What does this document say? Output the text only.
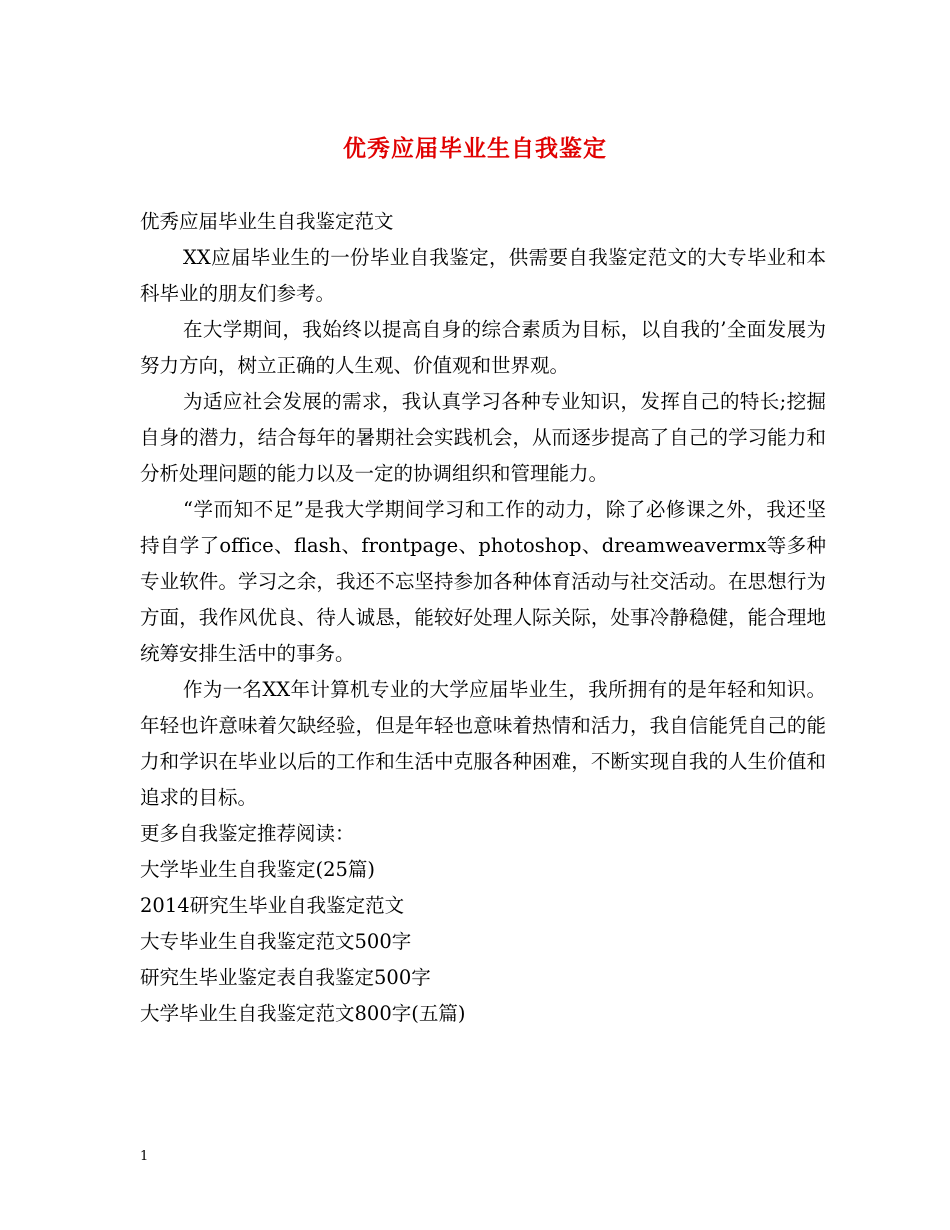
优秀应届毕业生自我鉴定

优秀应届毕业生自我鉴定范文

XX应届毕业生的一份毕业自我鉴定，供需要自我鉴定范文的大专毕业和本科毕业的朋友们参考。

在大学期间，我始终以提高自身的综合素质为目标，以自我的’全面发展为努力方向，树立正确的人生观、价值观和世界观。

为适应社会发展的需求，我认真学习各种专业知识，发挥自己的特长;挖掘自身的潜力，结合每年的暑期社会实践机会，从而逐步提高了自己的学习能力和分析处理问题的能力以及一定的协调组织和管理能力。

“学而知不足”是我大学期间学习和工作的动力，除了必修课之外，我还坚持自学了office、flash、frontpage、photoshop、dreamweavermx等多种专业软件。学习之余，我还不忘坚持参加各种体育活动与社交活动。在思想行为方面，我作风优良、待人诚恳，能较好处理人际关际，处事冷静稳健，能合理地统筹安排生活中的事务。

作为一名XX年计算机专业的大学应届毕业生，我所拥有的是年轻和知识。年轻也许意味着欠缺经验，但是年轻也意味着热情和活力，我自信能凭自己的能力和学识在毕业以后的工作和生活中克服各种困难，不断实现自我的人生价值和追求的目标。

更多自我鉴定推荐阅读：

大学毕业生自我鉴定(25篇)

2014研究生毕业自我鉴定范文

大专毕业生自我鉴定范文500字

研究生毕业鉴定表自我鉴定500字

大学毕业生自我鉴定范文800字(五篇)

1
